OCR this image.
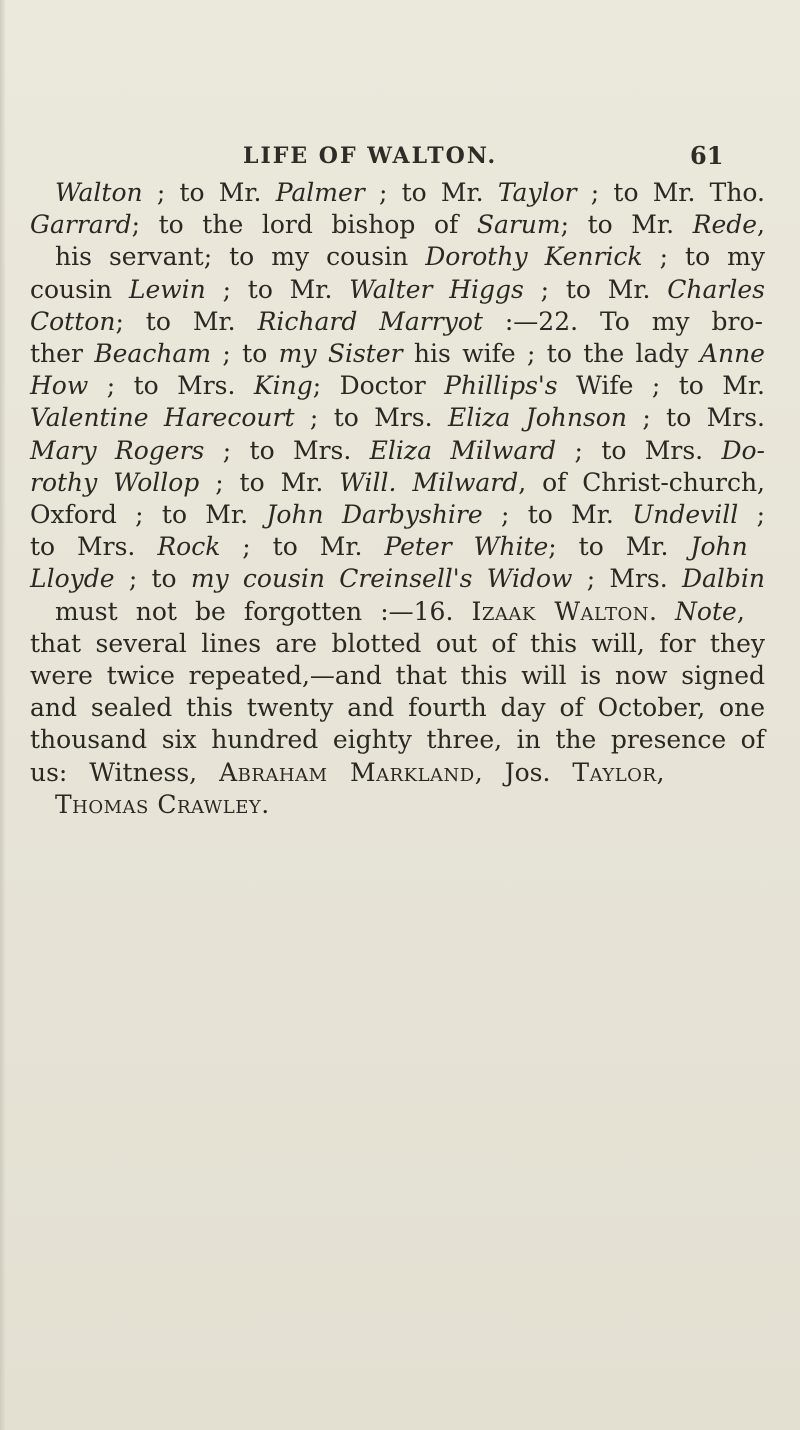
LIFE OF WALTON.	61
Walton ; to Mr. Palmer ; to Mr. Taylor ; to Mr. Tho.
Garrard; to the lord bishop of Sarum; to Mr. Rede,
his servant; to my cousin Dorothy Kenrick ; to my
cousin Lewin ; to Mr. Walter Higgs ; to Mr. Charles
Cotton; to Mr. Richard Marryot :—22. To my bro-
ther Beacham ; to my Sister his wife ; to the lady Anne
How ; to Mrs. King; Doctor Phillips's Wife ; to Mr.
Valentine Harecourt ; to Mrs. Eliza Johnson ; to Mrs.
Mary Rogers ; to Mrs. Eliza Milward ; to Mrs. Do-
rothy Wollop ; to Mr. Will. Milward, of Christ-church,
Oxford ; to Mr. John Darbyshire ; to Mr. Undevill ;
to Mrs. Rock ; to Mr. Peter White; to Mr. John
Lloyde ; to my cousin Creinsell's Widow ; Mrs. Dalbin
must not be forgotten :—16. Izaak Walton. Note,
that several lines are blotted out of this will, for they
were twice repeated,—and that this will is now signed
and sealed this twenty and fourth day of October, one
thousand six hundred eighty three, in the presence of
us: Witness, Abraham Markland, Jos. Taylor,
Thomas Crawley.
